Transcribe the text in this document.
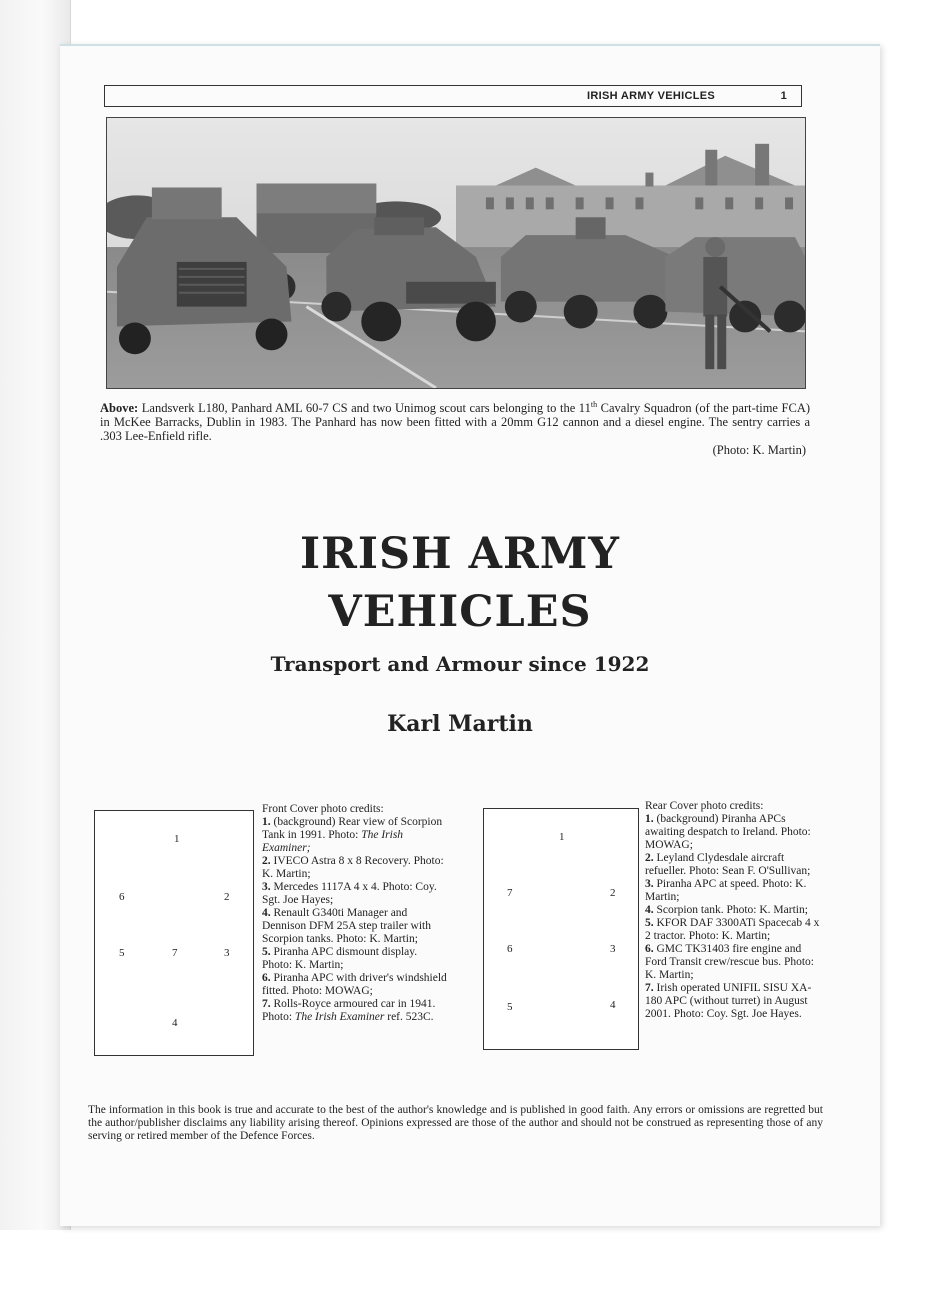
IRISH ARMY VEHICLES	1
Above: Landsverk L180, Panhard AML 60-7 CS and two Unimog scout cars belonging to the 11th Cavalry Squadron (of the part-time FCA) in McKee Barracks, Dublin in 1983. The Panhard has now been fitted with a 20mm G12 cannon and a diesel engine. The sentry carries a .303 Lee-Enfield rifle.
(Photo: K. Martin)
IRISH ARMY
VEHICLES
Transport and Armour since 1922
Karl Martin
1
6	2
5	7	3
4
Front Cover photo credits:
1. (background) Rear view of Scorpion Tank in 1991. Photo: The Irish Examiner;
2. IVECO Astra 8 x 8 Recovery. Photo: K. Martin;
3. Mercedes 1117A 4 x 4. Photo: Coy. Sgt. Joe Hayes;
4. Renault G340ti Manager and Dennison DFM 25A step trailer with Scorpion tanks. Photo: K. Martin;
5. Piranha APC dismount display. Photo: K. Martin;
6. Piranha APC with driver's windshield fitted. Photo: MOWAG;
7. Rolls-Royce armoured car in 1941. Photo: The Irish Examiner ref. 523C.
1
7	2
6	3
5	4
Rear Cover photo credits:
1. (background) Piranha APCs awaiting despatch to Ireland. Photo: MOWAG;
2. Leyland Clydesdale aircraft refueller. Photo: Sean F. O'Sullivan;
3. Piranha APC at speed. Photo: K. Martin;
4. Scorpion tank. Photo: K. Martin;
5. KFOR DAF 3300ATi Spacecab 4 x 2 tractor. Photo: K. Martin;
6. GMC TK31403 fire engine and Ford Transit crew/rescue bus. Photo: K. Martin;
7. Irish operated UNIFIL SISU XA-180 APC (without turret) in August 2001. Photo: Coy. Sgt. Joe Hayes.
The information in this book is true and accurate to the best of the author's knowledge and is published in good faith. Any errors or omissions are regretted but the author/publisher disclaims any liability arising thereof. Opinions expressed are those of the author and should not be construed as representing those of any serving or retired member of the Defence Forces.
